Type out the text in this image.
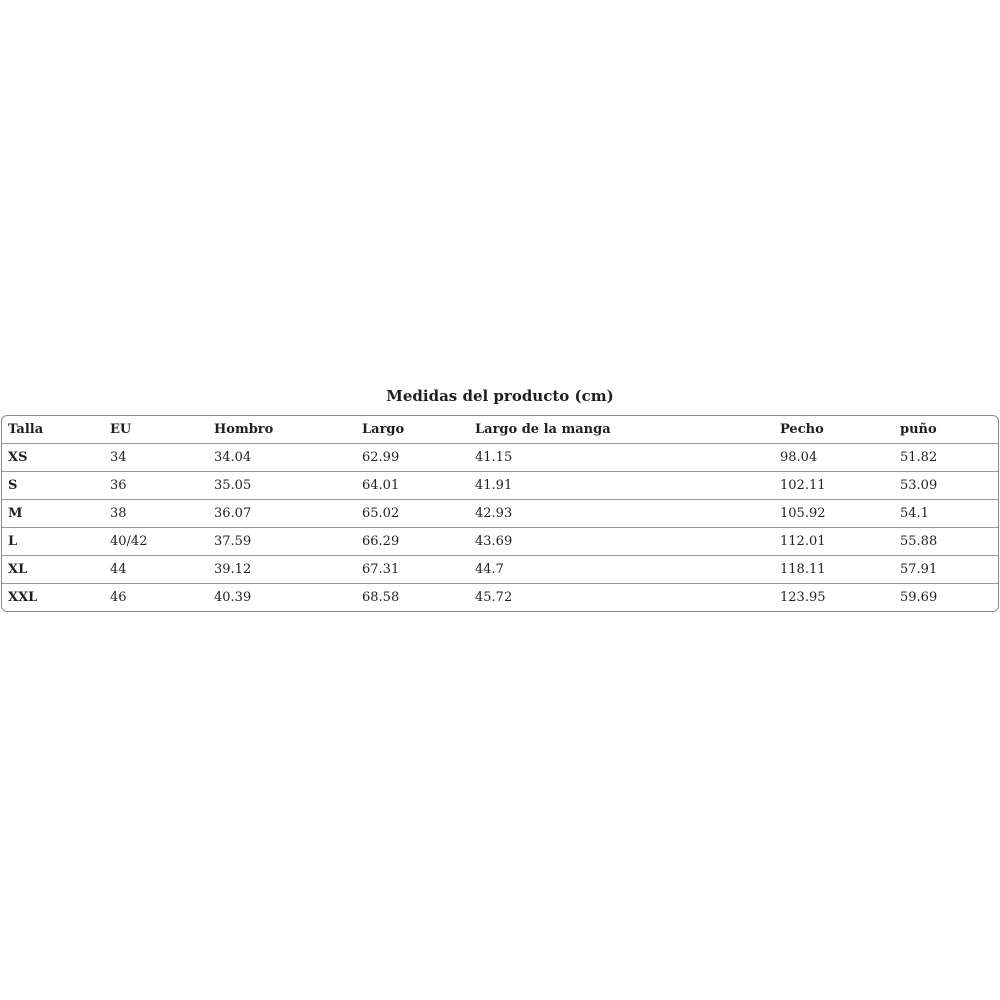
Medidas del producto (cm)
Talla	EU	Hombro	Largo	Largo de la manga	Pecho	puño
XS	34	34.04	62.99	41.15	98.04	51.82
S	36	35.05	64.01	41.91	102.11	53.09
M	38	36.07	65.02	42.93	105.92	54.1
L	40/42	37.59	66.29	43.69	112.01	55.88
XL	44	39.12	67.31	44.7	118.11	57.91
XXL	46	40.39	68.58	45.72	123.95	59.69
